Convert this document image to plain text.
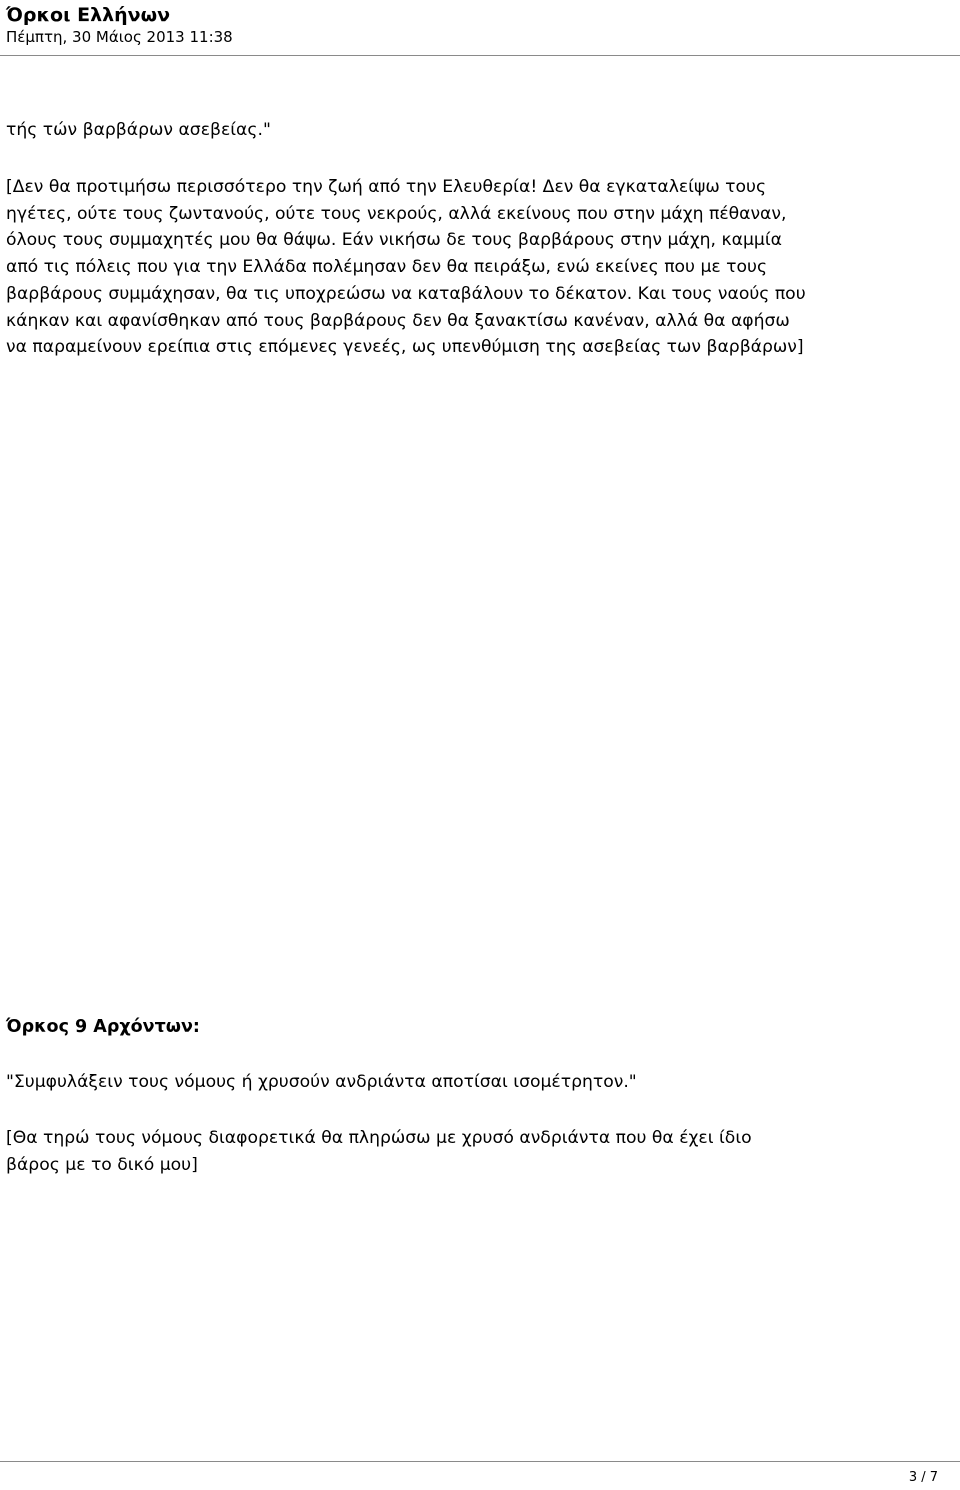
Όρκοι Ελλήνων
Πέμπτη, 30 Μάιος 2013 11:38
τής τών βαρβάρων ασεβείας."
[Δεν θα προτιμήσω περισσότερο την ζωή από την Ελευθερία! Δεν θα εγκαταλείψω τους
ηγέτες, ούτε τους ζωντανούς, ούτε τους νεκρούς, αλλά εκείνους που στην μάχη πέθαναν,
όλους τους συμμαχητές μου θα θάψω. Εάν νικήσω δε τους βαρβάρους στην μάχη, καμμία
από τις πόλεις που για την Ελλάδα πολέμησαν δεν θα πειράξω, ενώ εκείνες που με τους
βαρβάρους συμμάχησαν, θα τις υποχρεώσω να καταβάλουν το δέκατον. Και τους ναούς που
κάηκαν και αφανίσθηκαν από τους βαρβάρους δεν θα ξανακτίσω κανέναν, αλλά θα αφήσω
να παραμείνουν ερείπια στις επόμενες γενεές, ως υπενθύμιση της ασεβείας των βαρβάρων]
Όρκος 9 Αρχόντων:
"Συμφυλάξειν τους νόμους ή χρυσούν ανδριάντα αποτίσαι ισομέτρητον."
[Θα τηρώ τους νόμους διαφορετικά θα πληρώσω με χρυσό ανδριάντα που θα έχει ίδιο
βάρος με το δικό μου]
3 / 7
